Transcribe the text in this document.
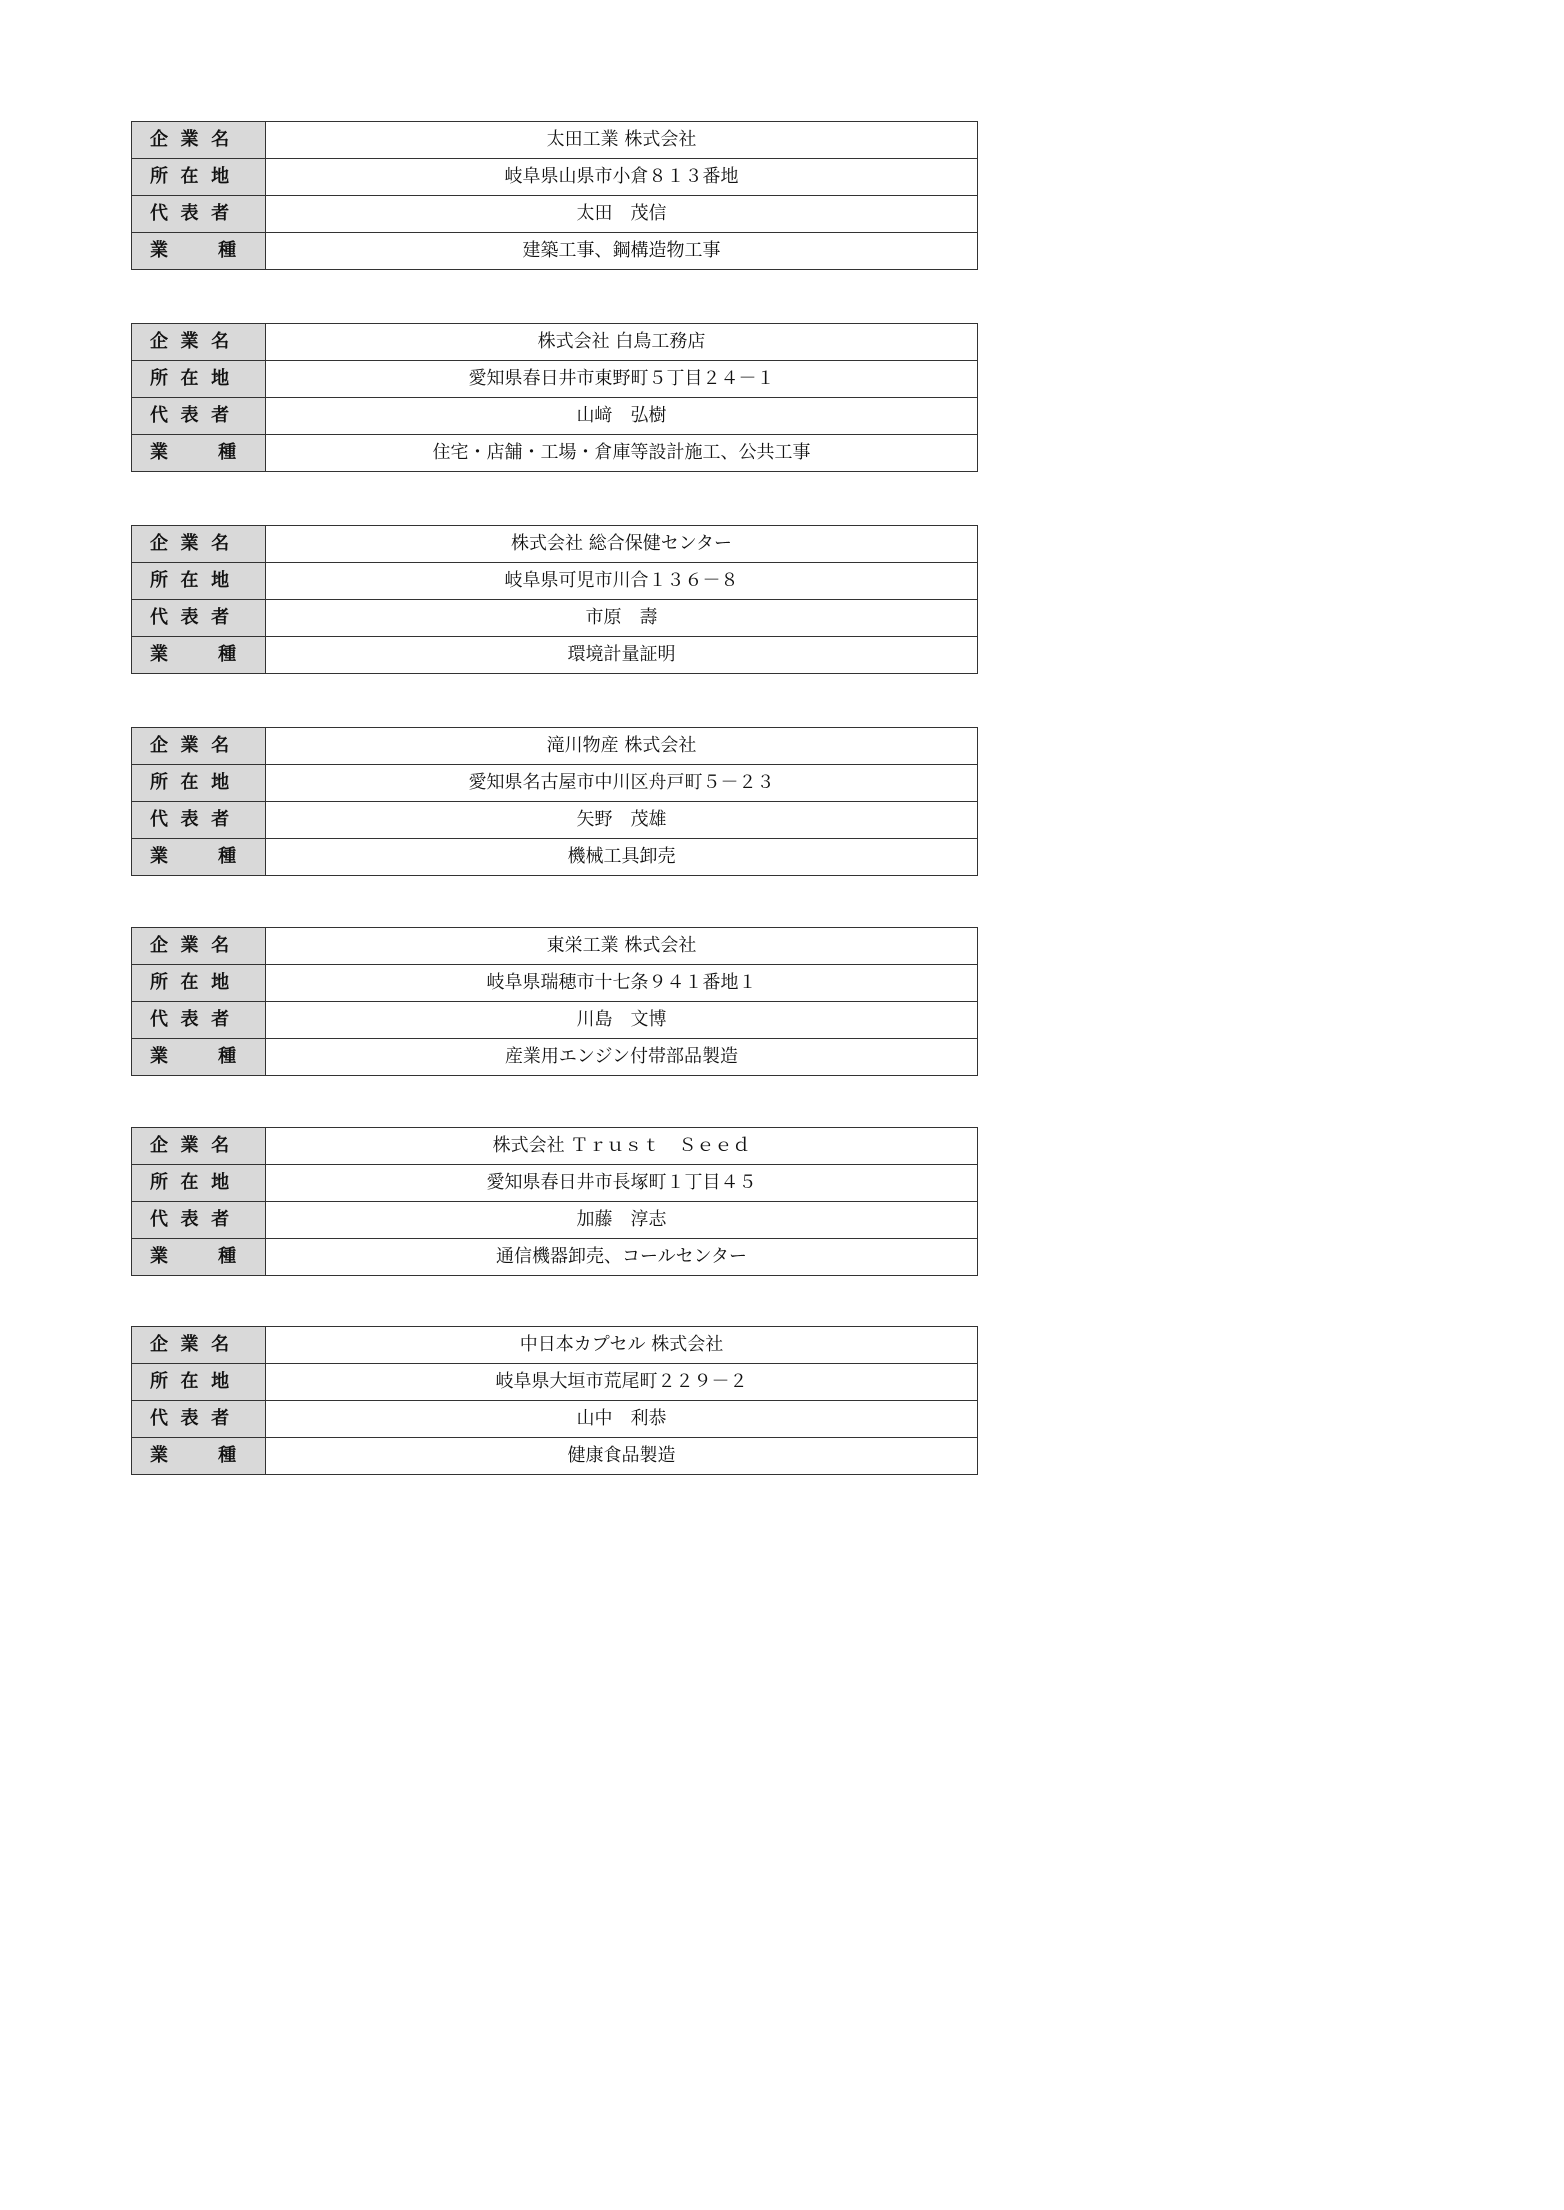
企  業  名	太田工業 株式会社
所  在  地	岐阜県山県市小倉８１３番地
代  表  者	太田　茂信
業        種	建築工事、鋼構造物工事
企  業  名	株式会社 白鳥工務店
所  在  地	愛知県春日井市東野町５丁目２４－１
代  表  者	山﨑　弘樹
業        種	住宅・店舗・工場・倉庫等設計施工、公共工事
企  業  名	株式会社 総合保健センター
所  在  地	岐阜県可児市川合１３６－８
代  表  者	市原　壽
業        種	環境計量証明
企  業  名	滝川物産 株式会社
所  在  地	愛知県名古屋市中川区舟戸町５－２３
代  表  者	矢野　茂雄
業        種	機械工具卸売
企  業  名	東栄工業 株式会社
所  在  地	岐阜県瑞穂市十七条９４１番地１
代  表  者	川島　文博
業        種	産業用エンジン付帯部品製造
企  業  名	株式会社 Ｔｒｕｓｔ　Ｓｅｅｄ
所  在  地	愛知県春日井市長塚町１丁目４５
代  表  者	加藤　淳志
業        種	通信機器卸売、コールセンター
企  業  名	中日本カプセル 株式会社
所  在  地	岐阜県大垣市荒尾町２２９－２
代  表  者	山中　利恭
業        種	健康食品製造
